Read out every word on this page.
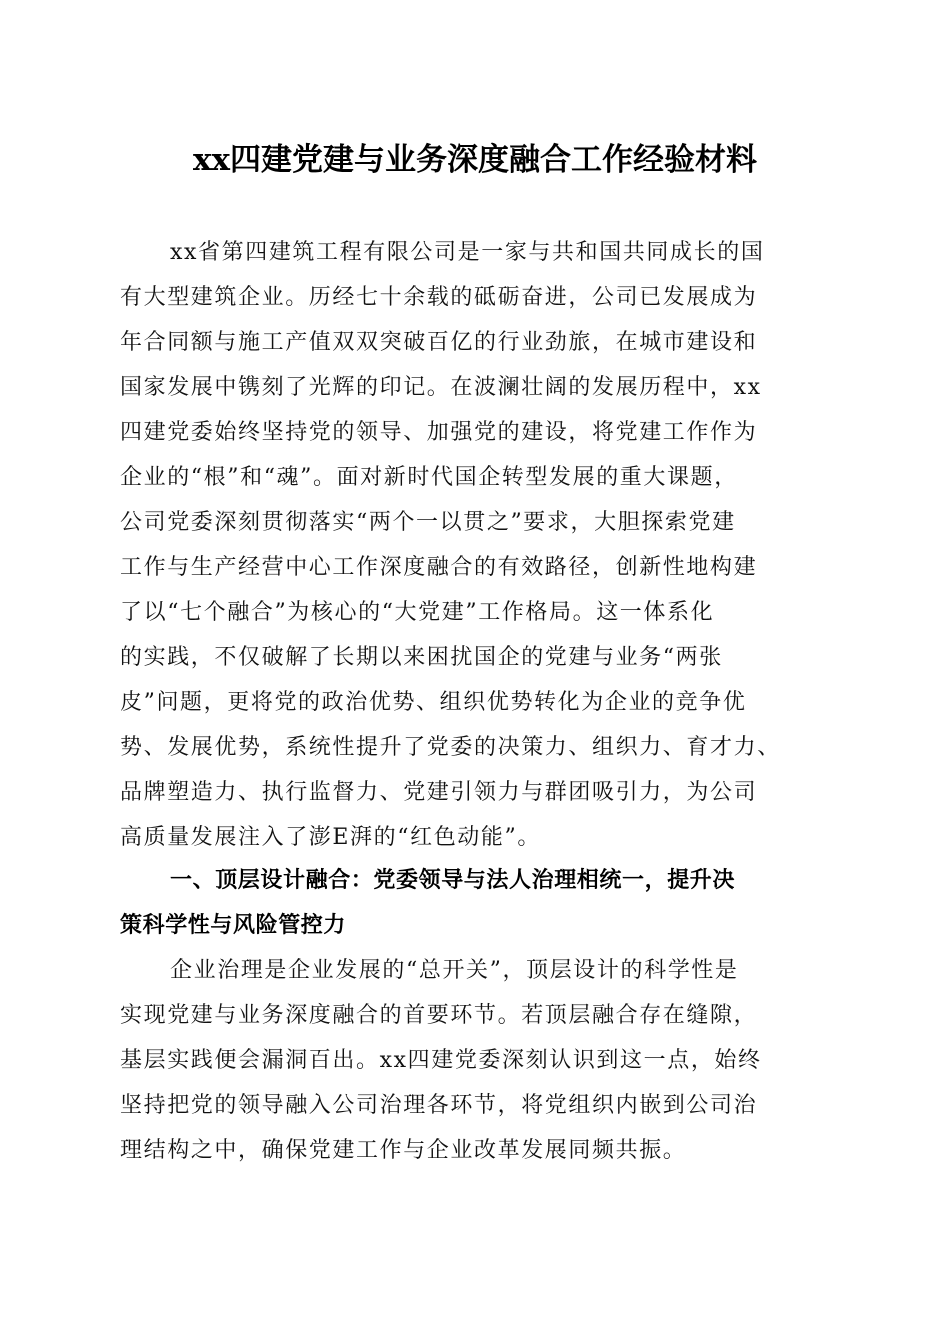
xx四建党建与业务深度融合工作经验材料

xx省第四建筑工程有限公司是一家与共和国共同成长的国

有大型建筑企业。历经七十余载的砥砺奋进，公司已发展成为

年合同额与施工产值双双突破百亿的行业劲旅，在城市建设和

国家发展中镌刻了光辉的印记。在波澜壮阔的发展历程中，xx

四建党委始终坚持党的领导、加强党的建设，将党建工作作为

企业的“根”和“魂”。面对新时代国企转型发展的重大课题，

公司党委深刻贯彻落实“两个一以贯之”要求，大胆探索党建

工作与生产经营中心工作深度融合的有效路径，创新性地构建

了以“七个融合”为核心的“大党建”工作格局。这一体系化

的实践，不仅破解了长期以来困扰国企的党建与业务“两张

皮”问题，更将党的政治优势、组织优势转化为企业的竞争优

势、发展优势，系统性提升了党委的决策力、组织力、育才力、

品牌塑造力、执行监督力、党建引领力与群团吸引力，为公司

高质量发展注入了澎E湃的“红色动能”。

一、顶层设计融合：党委领导与法人治理相统一，提升决

策科学性与风险管控力

企业治理是企业发展的“总开关”，顶层设计的科学性是

实现党建与业务深度融合的首要环节。若顶层融合存在缝隙，

基层实践便会漏洞百出。xx四建党委深刻认识到这一点，始终

坚持把党的领导融入公司治理各环节，将党组织内嵌到公司治

理结构之中，确保党建工作与企业改革发展同频共振。
